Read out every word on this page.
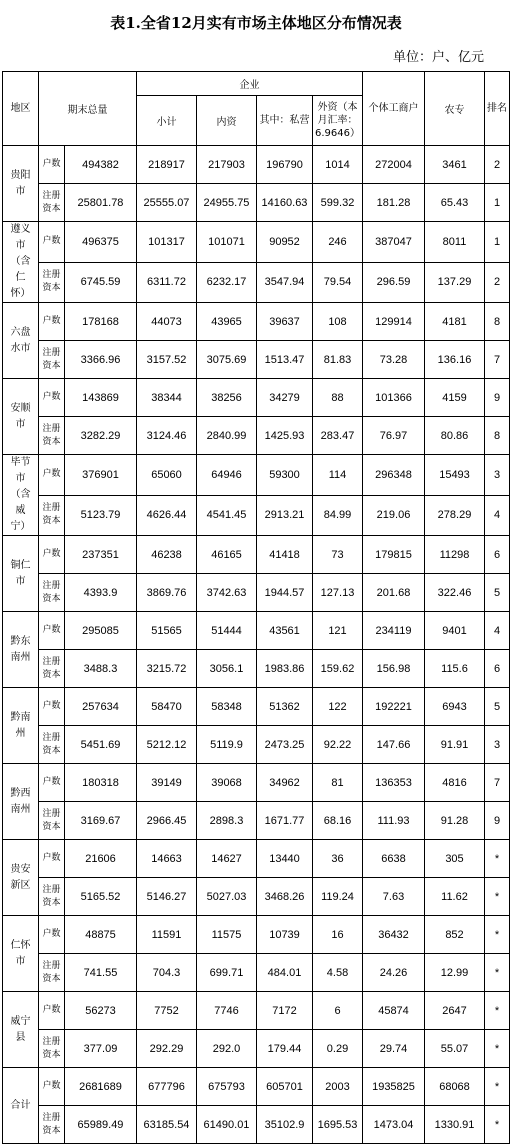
表1.全省12月实有市场主体地区分布情况表
单位：户、亿元
地区	期末总量		企业				个体工商户	农专	排名
			小计	内资	其中：私营	外资（本月汇率：6.9646）			
贵阳市	户数	494382	218917	217903	196790	1014	272004	3461	2
	注册资本	25801.78	25555.07	24955.75	14160.63	599.32	181.28	65.43	1
遵义市（含仁怀）	户数	496375	101317	101071	90952	246	387047	8011	1
	注册资本	6745.59	6311.72	6232.17	3547.94	79.54	296.59	137.29	2
六盘水市	户数	178168	44073	43965	39637	108	129914	4181	8
	注册资本	3366.96	3157.52	3075.69	1513.47	81.83	73.28	136.16	7
安顺市	户数	143869	38344	38256	34279	88	101366	4159	9
	注册资本	3282.29	3124.46	2840.99	1425.93	283.47	76.97	80.86	8
毕节市（含威宁）	户数	376901	65060	64946	59300	114	296348	15493	3
	注册资本	5123.79	4626.44	4541.45	2913.21	84.99	219.06	278.29	4
铜仁市	户数	237351	46238	46165	41418	73	179815	11298	6
	注册资本	4393.9	3869.76	3742.63	1944.57	127.13	201.68	322.46	5
黔东南州	户数	295085	51565	51444	43561	121	234119	9401	4
	注册资本	3488.3	3215.72	3056.1	1983.86	159.62	156.98	115.6	6
黔南州	户数	257634	58470	58348	51362	122	192221	6943	5
	注册资本	5451.69	5212.12	5119.9	2473.25	92.22	147.66	91.91	3
黔西南州	户数	180318	39149	39068	34962	81	136353	4816	7
	注册资本	3169.67	2966.45	2898.3	1671.77	68.16	111.93	91.28	9
贵安新区	户数	21606	14663	14627	13440	36	6638	305	*
	注册资本	5165.52	5146.27	5027.03	3468.26	119.24	7.63	11.62	*
仁怀市	户数	48875	11591	11575	10739	16	36432	852	*
	注册资本	741.55	704.3	699.71	484.01	4.58	24.26	12.99	*
威宁县	户数	56273	7752	7746	7172	6	45874	2647	*
	注册资本	377.09	292.29	292.0	179.44	0.29	29.74	55.07	*
合计	户数	2681689	677796	675793	605701	2003	1935825	68068	*
	注册资本	65989.49	63185.54	61490.01	35102.9	1695.53	1473.04	1330.91	*
